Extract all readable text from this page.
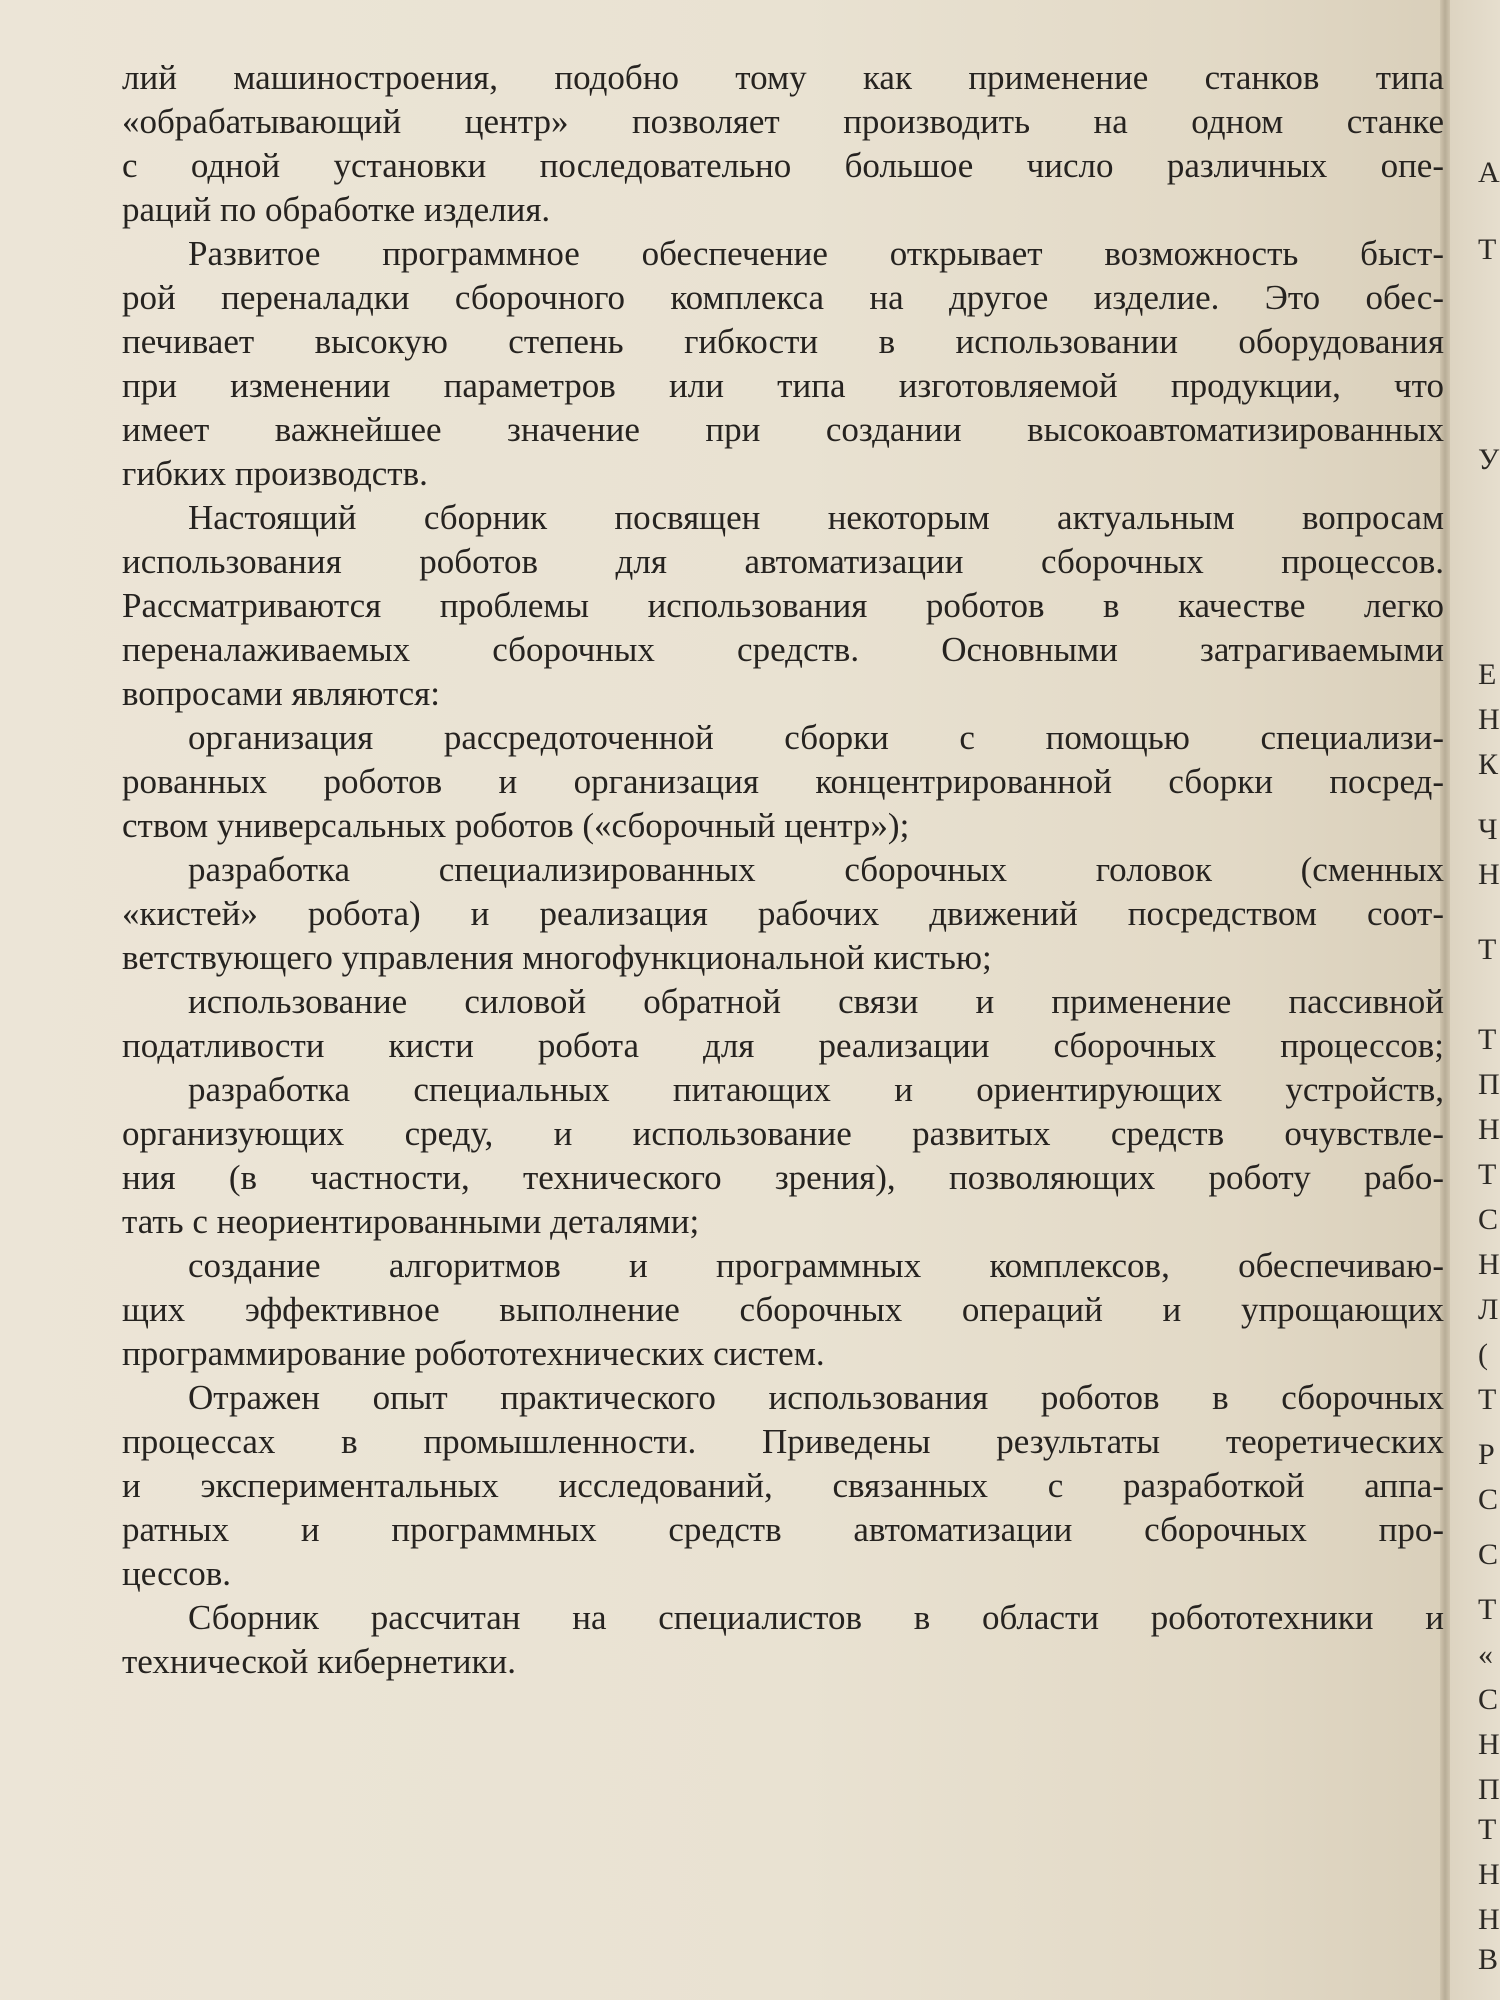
лий машиностроения, подобно тому как применение станков типа
«обрабатывающий центр» позволяет производить на одном станке
с одной установки последовательно большое число различных опе-
раций по обработке изделия.
Развитое программное обеспечение открывает возможность быст-
рой переналадки сборочного комплекса на другое изделие. Это обес-
печивает высокую степень гибкости в использовании оборудования
при изменении параметров или типа изготовляемой продукции, что
имеет важнейшее значение при создании высокоавтоматизированных
гибких производств.
Настоящий сборник посвящен некоторым актуальным вопросам
использования роботов для автоматизации сборочных процессов.
Рассматриваются проблемы использования роботов в качестве легко
переналаживаемых сборочных средств. Основными затрагиваемыми
вопросами являются:
организация рассредоточенной сборки с помощью специализи-
рованных роботов и организация концентрированной сборки посред-
ством универсальных роботов («сборочный центр»);
разработка специализированных сборочных головок (сменных
«кистей» робота) и реализация рабочих движений посредством соот-
ветствующего управления многофункциональной кистью;
использование силовой обратной связи и применение пассивной
податливости кисти робота для реализации сборочных процессов;
разработка специальных питающих и ориентирующих устройств,
организующих среду, и использование развитых средств очувствле-
ния (в частности, технического зрения), позволяющих роботу рабо-
тать с неориентированными деталями;
создание алгоритмов и программных комплексов, обеспечиваю-
щих эффективное выполнение сборочных операций и упрощающих
программирование робототехнических систем.
Отражен опыт практического использования роботов в сборочных
процессах в промышленности. Приведены результаты теоретических
и экспериментальных исследований, связанных с разработкой аппа-
ратных и программных средств автоматизации сборочных про-
цессов.
Сборник рассчитан на специалистов в области робототехники и
технической кибернетики.
А
Т
У
Е
Н
К
Ч
Н
Т
Т
П
Н
Т
С
Н
Л
(
Т
Р
С
С
Т
«
С
Н
П
Т
Н
Н
В
